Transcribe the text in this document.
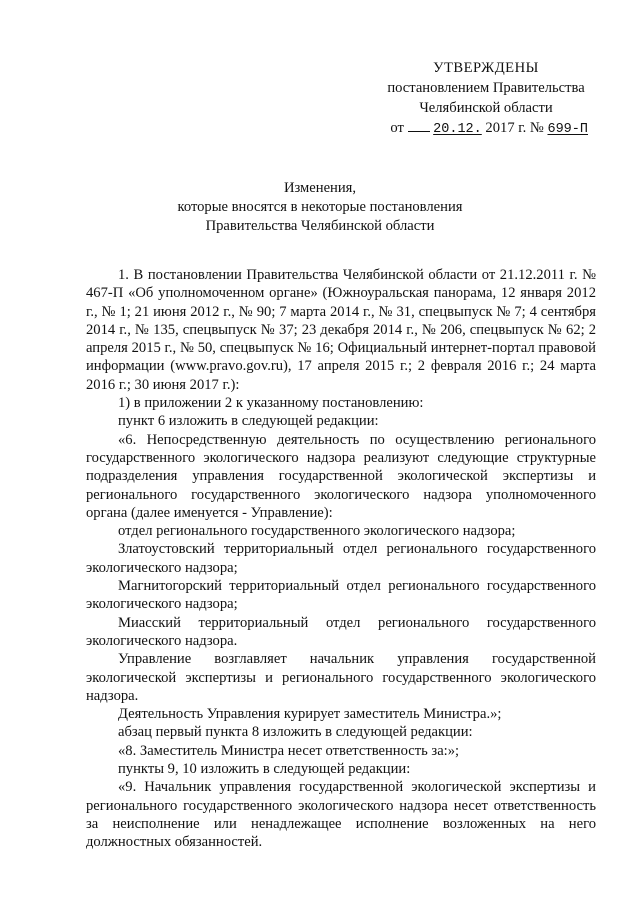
УТВЕРЖДЕНЫ
постановлением Правительства
Челябинской области
от 20.12. 2017 г. № 699-П
Изменения,
которые вносятся в некоторые постановления
Правительства Челябинской области

1. В постановлении Правительства Челябинской области от 21.12.2011 г. № 467-П «Об уполномоченном органе» (Южноуральская панорама, 12 января 2012 г., № 1; 21 июня 2012 г., № 90; 7 марта 2014 г., № 31, спецвыпуск № 7; 4 сентября 2014 г., № 135, спецвыпуск № 37; 23 декабря 2014 г., № 206, спецвыпуск № 62; 2 апреля 2015 г., № 50, спецвыпуск № 16; Официальный интернет-портал правовой информации (www.pravo.gov.ru), 17 апреля 2015 г.; 2 февраля 2016 г.; 24 марта 2016 г.; 30 июня 2017 г.):

1) в приложении 2 к указанному постановлению:

пункт 6 изложить в следующей редакции:

«6. Непосредственную деятельность по осуществлению регионального государственного экологического надзора реализуют следующие структурные подразделения управления государственной экологической экспертизы и регионального государственного экологического надзора уполномоченного органа (далее именуется - Управление):

отдел регионального государственного экологического надзора;

Златоустовский территориальный отдел регионального государственного экологического надзора;

Магнитогорский территориальный отдел регионального государственного экологического надзора;

Миасский территориальный отдел регионального государственного экологического надзора.

Управление возглавляет начальник управления государственной экологической экспертизы и регионального государственного экологического надзора.

Деятельность Управления курирует заместитель Министра.»;

абзац первый пункта 8 изложить в следующей редакции:

«8. Заместитель Министра несет ответственность за:»;

пункты 9, 10 изложить в следующей редакции:

«9. Начальник управления государственной экологической экспертизы и регионального государственного экологического надзора несет ответственность за неисполнение или ненадлежащее исполнение возложенных на него должностных обязанностей.
